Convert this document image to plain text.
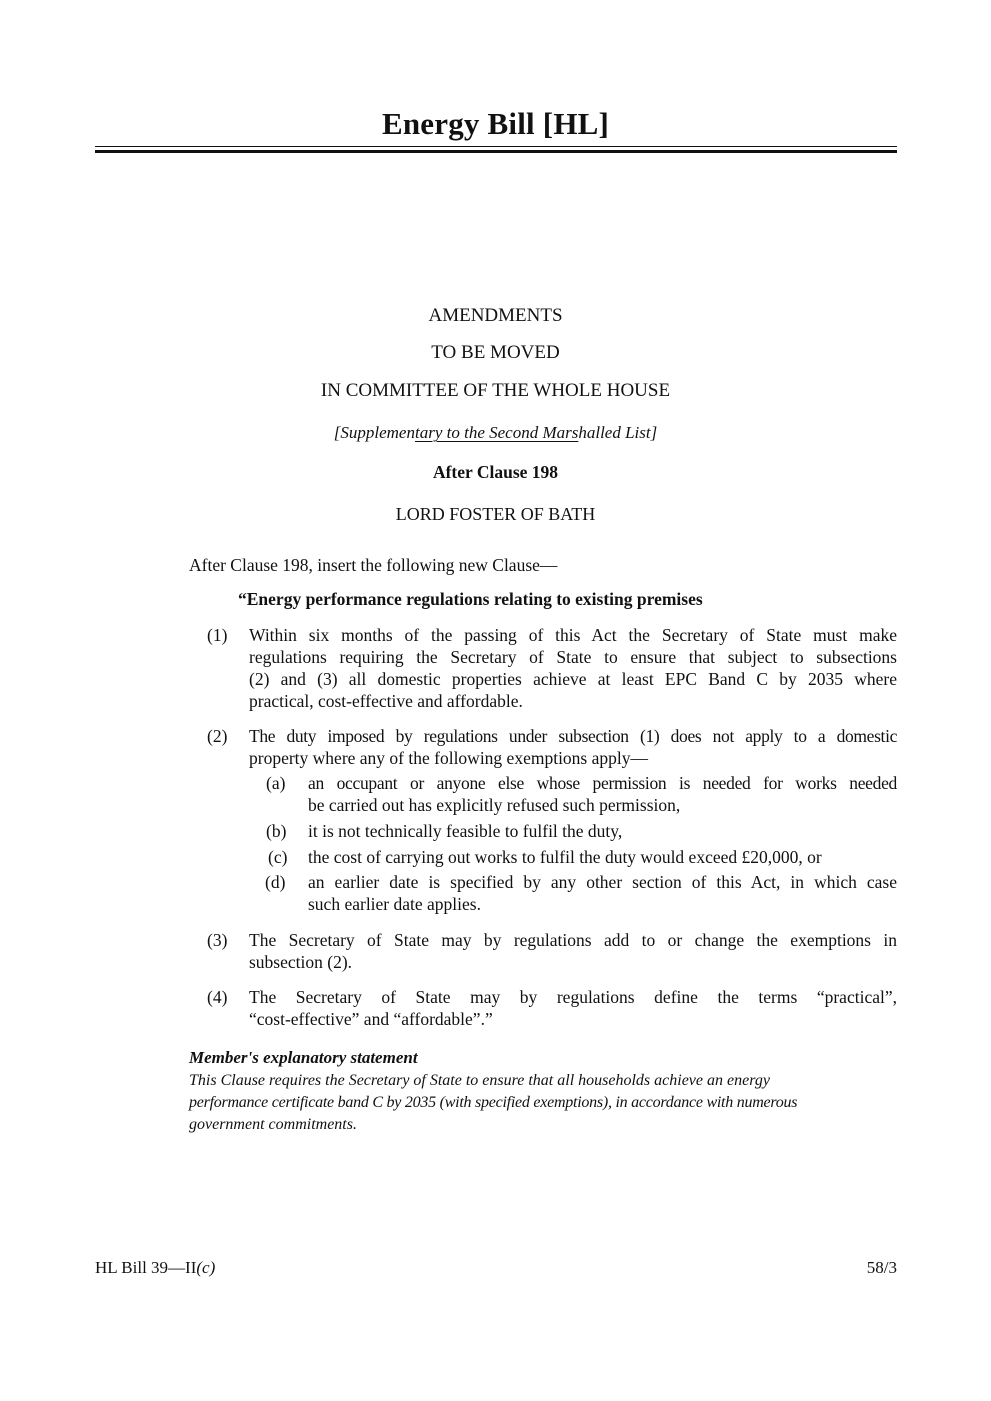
Energy Bill [HL]
AMENDMENTS
TO BE MOVED
IN COMMITTEE OF THE WHOLE HOUSE
[Supplementary to the Second Marshalled List]
After Clause 198
LORD FOSTER OF BATH
After Clause 198, insert the following new Clause—
“Energy performance regulations relating to existing premises
(1)	Within six months of the passing of this Act the Secretary of State must make
regulations requiring the Secretary of State to ensure that subject to subsections
(2) and (3) all domestic properties achieve at least EPC Band C by 2035 where
practical, cost-effective and affordable.
(2)	The duty imposed by regulations under subsection (1) does not apply to a domestic
property where any of the following exemptions apply—
(a) an occupant or anyone else whose permission is needed for works needed
be carried out has explicitly refused such permission,
(b) it is not technically feasible to fulfil the duty,
(c) the cost of carrying out works to fulfil the duty would exceed £20,000, or
(d) an earlier date is specified by any other section of this Act, in which case
such earlier date applies.
(3)	The Secretary of State may by regulations add to or change the exemptions in
subsection (2).
(4)	The Secretary of State may by regulations define the terms “practical”,
“cost-effective” and “affordable”.”
Member's explanatory statement
This Clause requires the Secretary of State to ensure that all households achieve an energy
performance certificate band C by 2035 (with specified exemptions), in accordance with numerous
government commitments.
HL Bill 39—II(c)	58/3
